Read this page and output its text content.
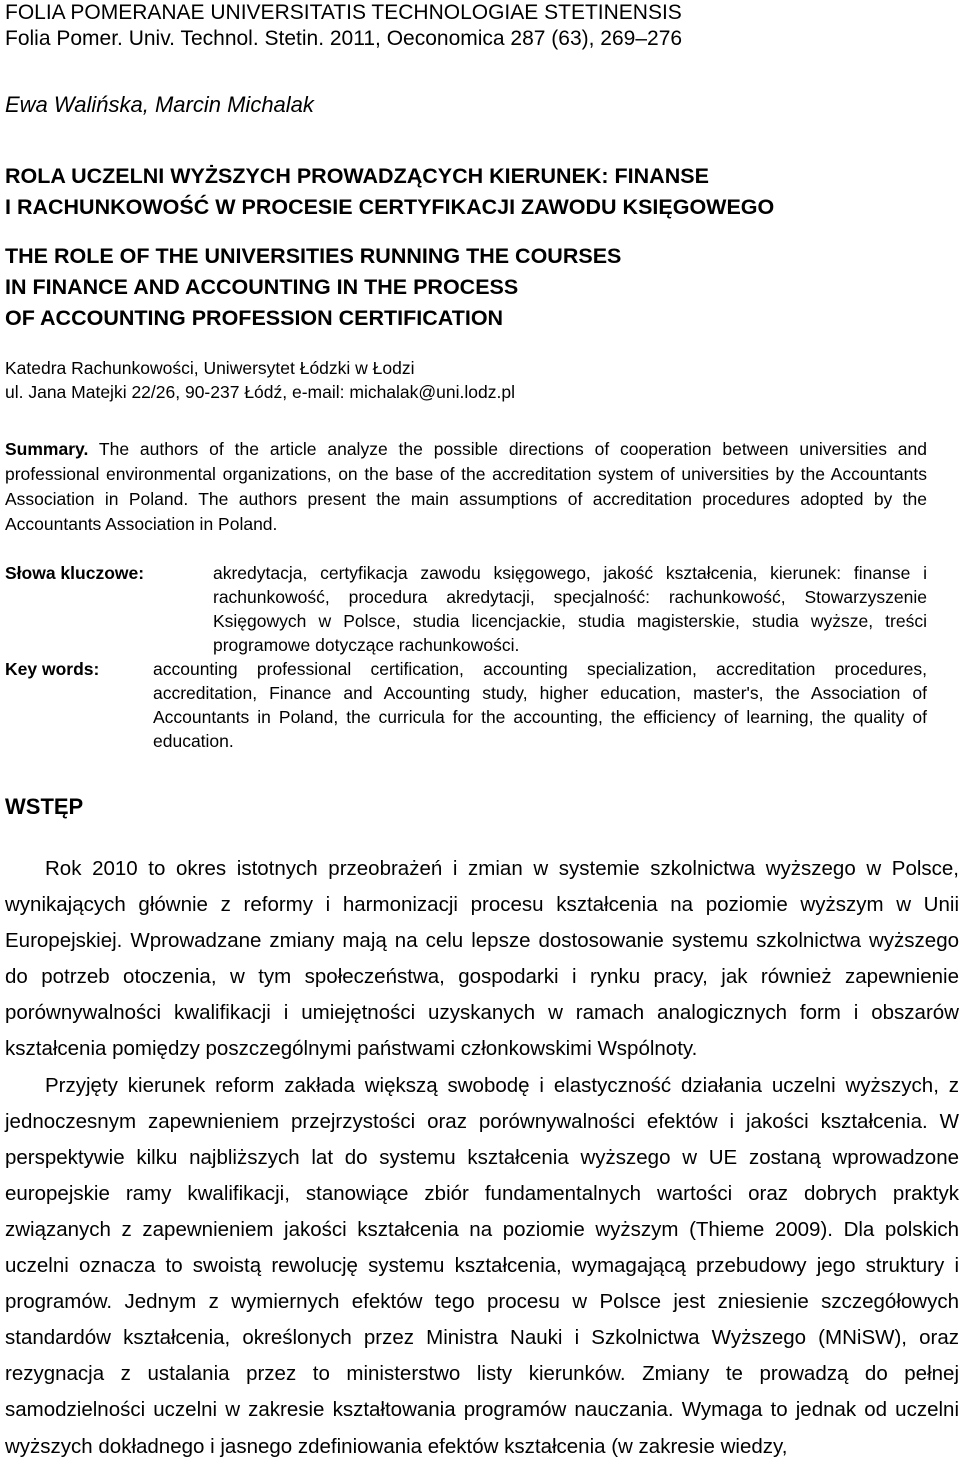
FOLIA POMERANAE UNIVERSITATIS TECHNOLOGIAE STETINENSIS
Folia Pomer. Univ. Technol. Stetin. 2011, Oeconomica 287 (63), 269–276
Ewa Walińska, Marcin Michalak
ROLA UCZELNI WYŻSZYCH PROWADZĄCYCH KIERUNEK: FINANSE
I RACHUNKOWOŚĆ W PROCESIE CERTYFIKACJI ZAWODU KSIĘGOWEGO
THE ROLE OF THE UNIVERSITIES RUNNING THE COURSES
IN FINANCE AND ACCOUNTING IN THE PROCESS
OF ACCOUNTING PROFESSION CERTIFICATION
Katedra Rachunkowości, Uniwersytet Łódzki w Łodzi
ul. Jana Matejki 22/26, 90-237 Łódź, e-mail: michalak@uni.lodz.pl

Summary. The authors of the article analyze the possible directions of cooperation between universities and professional environmental organizations, on the base of the accreditation system of universities by the Accountants Association in Poland. The authors present the main assumptions of accreditation procedures adopted by the Accountants Association in Poland.

Słowa kluczowe:	akredytacja, certyfikacja zawodu księgowego, jakość kształcenia, kierunek: finanse i rachunkowość, procedura akredytacji, specjalność: rachunkowość, Stowarzyszenie Księgowych w Polsce, studia licencjackie, studia magisterskie, studia wyższe, treści programowe dotyczące rachunkowości.

Key words:	accounting professional certification, accounting specialization, accreditation procedures, accreditation, Finance and Accounting study, higher education, master's, the Association of Accountants in Poland, the curricula for the accounting, the efficiency of learning, the quality of education.

WSTĘP

Rok 2010 to okres istotnych przeobrażeń i zmian w systemie szkolnictwa wyższego w Polsce, wynikających głównie z reformy i harmonizacji procesu kształcenia na poziomie wyższym w Unii Europejskiej. Wprowadzane zmiany mają na celu lepsze dostosowanie systemu szkolnictwa wyższego do potrzeb otoczenia, w tym społeczeństwa, gospodarki i rynku pracy, jak również zapewnienie porównywalności kwalifikacji i umiejętności uzyskanych w ramach analogicznych form i obszarów kształcenia pomiędzy poszczególnymi państwami członkowskimi Wspólnoty.

Przyjęty kierunek reform zakłada większą swobodę i elastyczność działania uczelni wyższych, z jednoczesnym zapewnieniem przejrzystości oraz porównywalności efektów i jakości kształcenia. W perspektywie kilku najbliższych lat do systemu kształcenia wyższego w UE zostaną wprowadzone europejskie ramy kwalifikacji, stanowiące zbiór fundamentalnych wartości oraz dobrych praktyk związanych z zapewnieniem jakości kształcenia na poziomie wyższym (Thieme 2009). Dla polskich uczelni oznacza to swoistą rewolucję systemu kształcenia, wymagającą przebudowy jego struktury i programów. Jednym z wymiernych efektów tego procesu w Polsce jest zniesienie szczegółowych standardów kształcenia, określonych przez Ministra Nauki i Szkolnictwa Wyższego (MNiSW), oraz rezygnacja z ustalania przez to ministerstwo listy kierunków. Zmiany te prowadzą do pełnej samodzielności uczelni w zakresie kształtowania programów nauczania. Wymaga to jednak od uczelni wyższych dokładnego i jasnego zdefiniowania efektów kształcenia (w zakresie wiedzy,
